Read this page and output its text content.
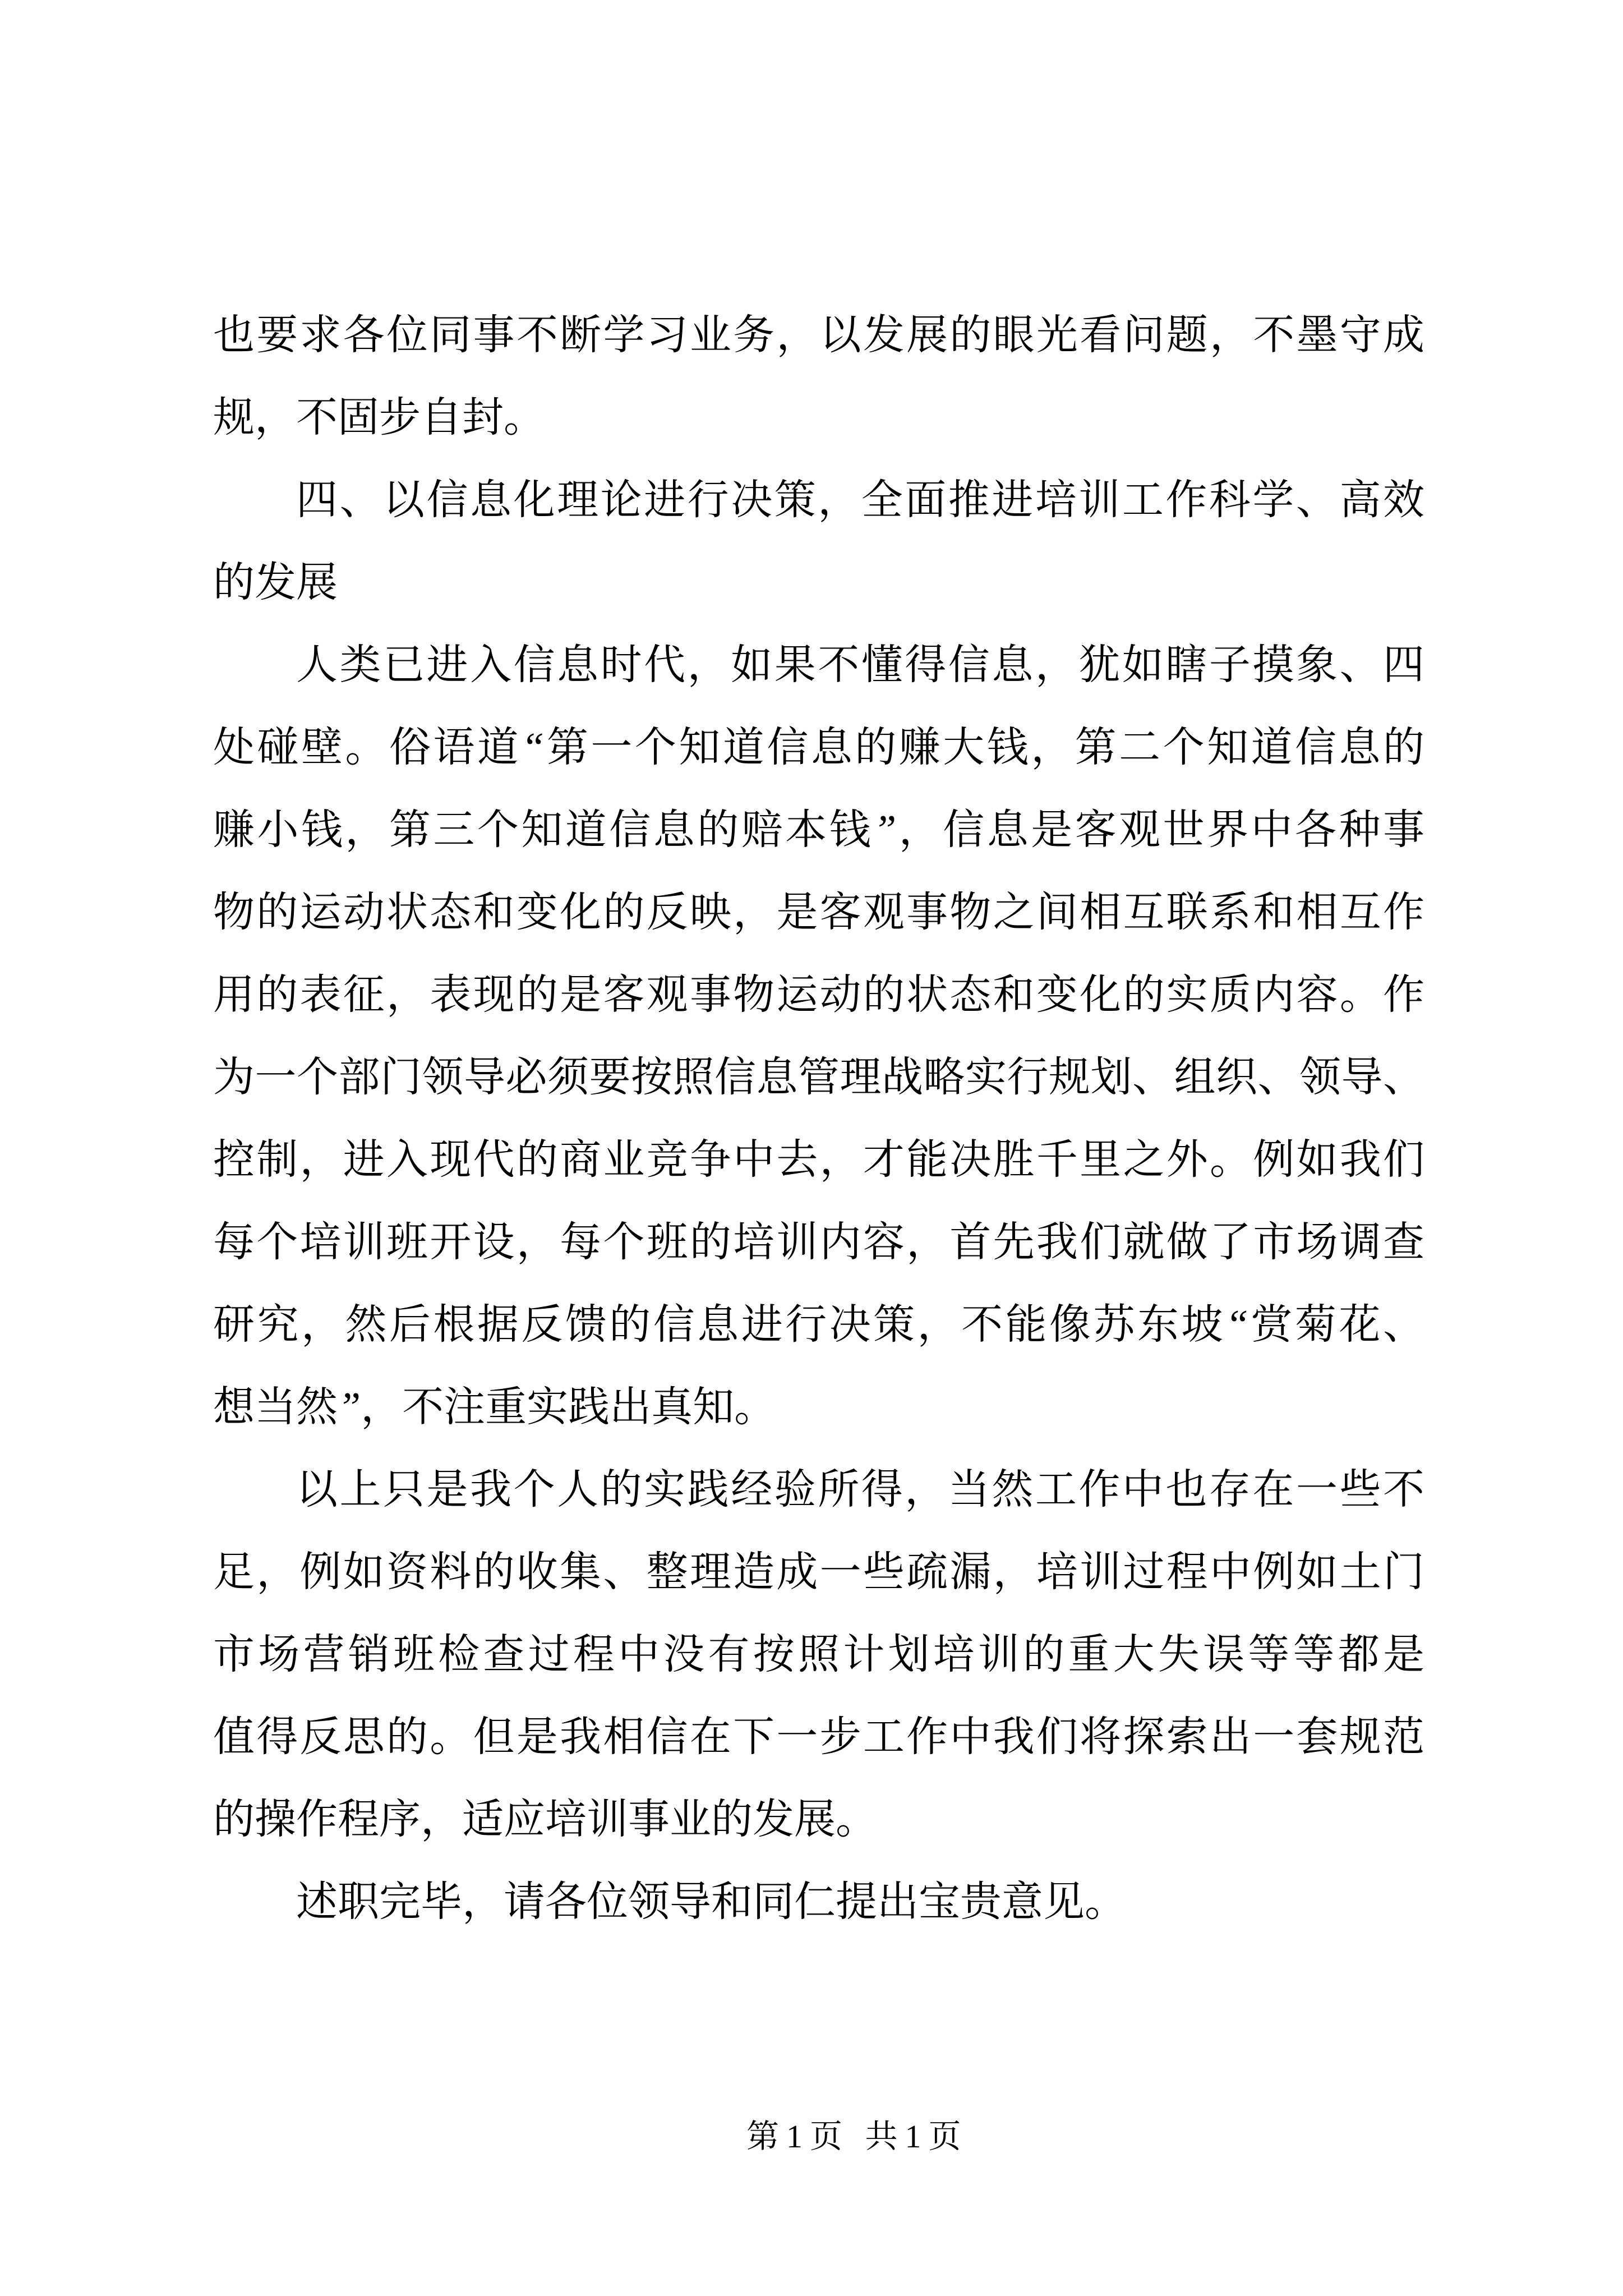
也要求各位同事不断学习业务，以发展的眼光看问题，不墨守成
规，不固步自封。
四、以信息化理论进行决策，全面推进培训工作科学、高效
的发展
人类已进入信息时代，如果不懂得信息，犹如瞎子摸象、四
处碰壁。俗语道“第一个知道信息的赚大钱，第二个知道信息的
赚小钱，第三个知道信息的赔本钱”，信息是客观世界中各种事
物的运动状态和变化的反映，是客观事物之间相互联系和相互作
用的表征，表现的是客观事物运动的状态和变化的实质内容。作
为一个部门领导必须要按照信息管理战略实行规划、组织、领导、
控制，进入现代的商业竞争中去，才能决胜千里之外。例如我们
每个培训班开设，每个班的培训内容，首先我们就做了市场调查
研究，然后根据反馈的信息进行决策，不能像苏东坡“赏菊花、
想当然”，不注重实践出真知。
以上只是我个人的实践经验所得，当然工作中也存在一些不
足，例如资料的收集、整理造成一些疏漏，培训过程中例如土门
市场营销班检查过程中没有按照计划培训的重大失误等等都是
值得反思的。但是我相信在下一步工作中我们将探索出一套规范
的操作程序，适应培训事业的发展。
述职完毕，请各位领导和同仁提出宝贵意见。
第1页 共1页
